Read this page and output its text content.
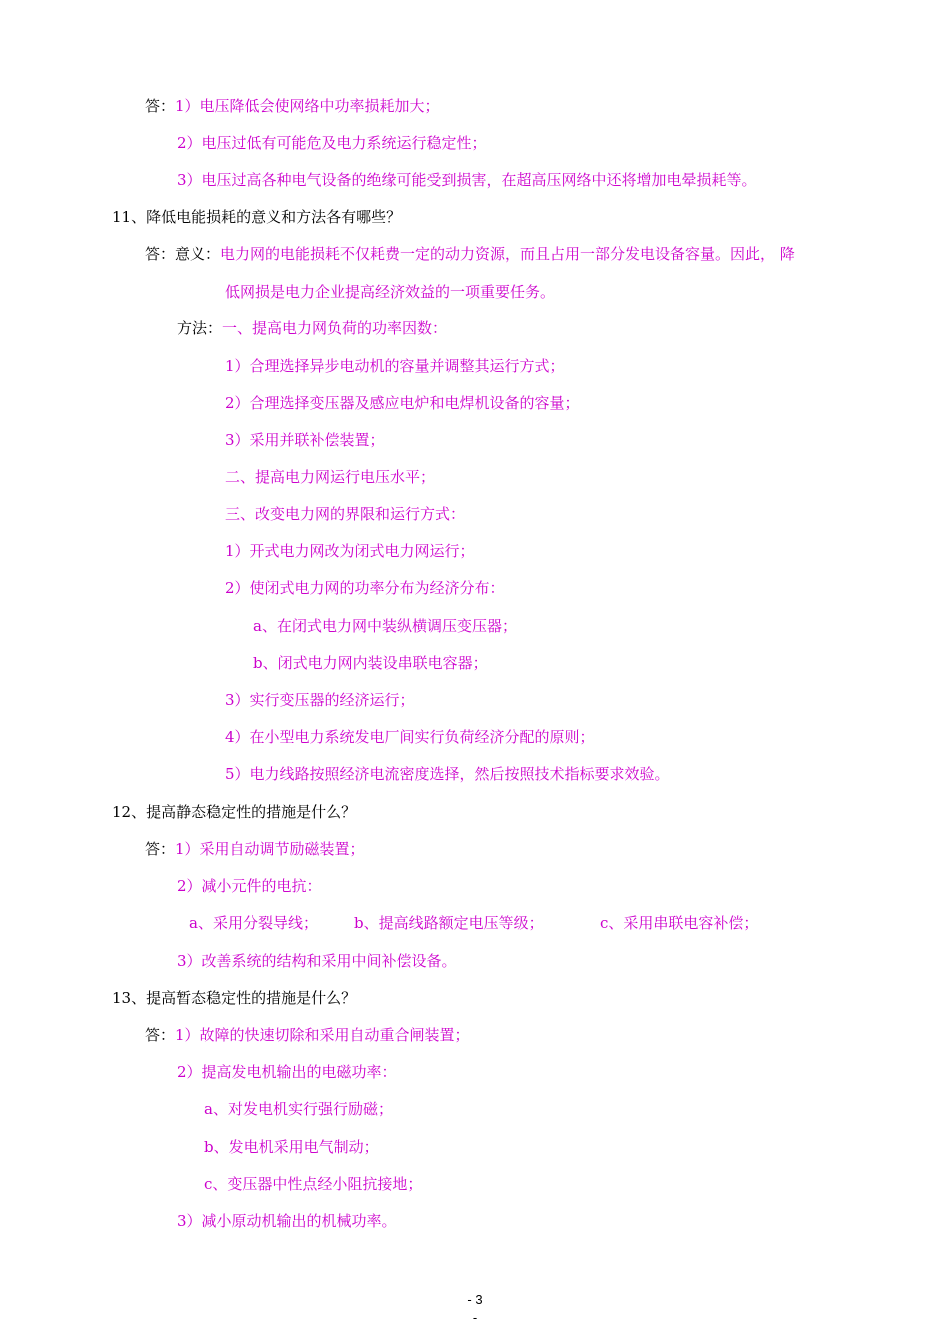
答：1）电压降低会使网络中功率损耗加大；
2）电压过低有可能危及电力系统运行稳定性；
3）电压过高各种电气设备的绝缘可能受到损害，在超高压网络中还将增加电晕损耗等。
11、降低电能损耗的意义和方法各有哪些？
答：意义：电力网的电能损耗不仅耗费一定的动力资源，而且占用一部分发电设备容量。因此， 降
低网损是电力企业提高经济效益的一项重要任务。
方法：一、提高电力网负荷的功率因数：
1）合理选择异步电动机的容量并调整其运行方式；
2）合理选择变压器及感应电炉和电焊机设备的容量；
3）采用并联补偿装置；
二、提高电力网运行电压水平；
三、改变电力网的界限和运行方式：
1）开式电力网改为闭式电力网运行；
2）使闭式电力网的功率分布为经济分布：
a、在闭式电力网中装纵横调压变压器；
b、闭式电力网内装设串联电容器；
3）实行变压器的经济运行；
4）在小型电力系统发电厂间实行负荷经济分配的原则；
5）电力线路按照经济电流密度选择，然后按照技术指标要求效验。
12、提高静态稳定性的措施是什么？
答：1）采用自动调节励磁装置；
2）减小元件的电抗：
a、采用分裂导线； b、提高线路额定电压等级；	c、采用串联电容补偿；
3）改善系统的结构和采用中间补偿设备。
13、提高暂态稳定性的措施是什么？
答：1）故障的快速切除和采用自动重合闸装置；
2）提高发电机输出的电磁功率：
a、对发电机实行强行励磁；
b、发电机采用电气制动；
c、变压器中性点经小阻抗接地；
3）减小原动机输出的机械功率。
- 3
-
